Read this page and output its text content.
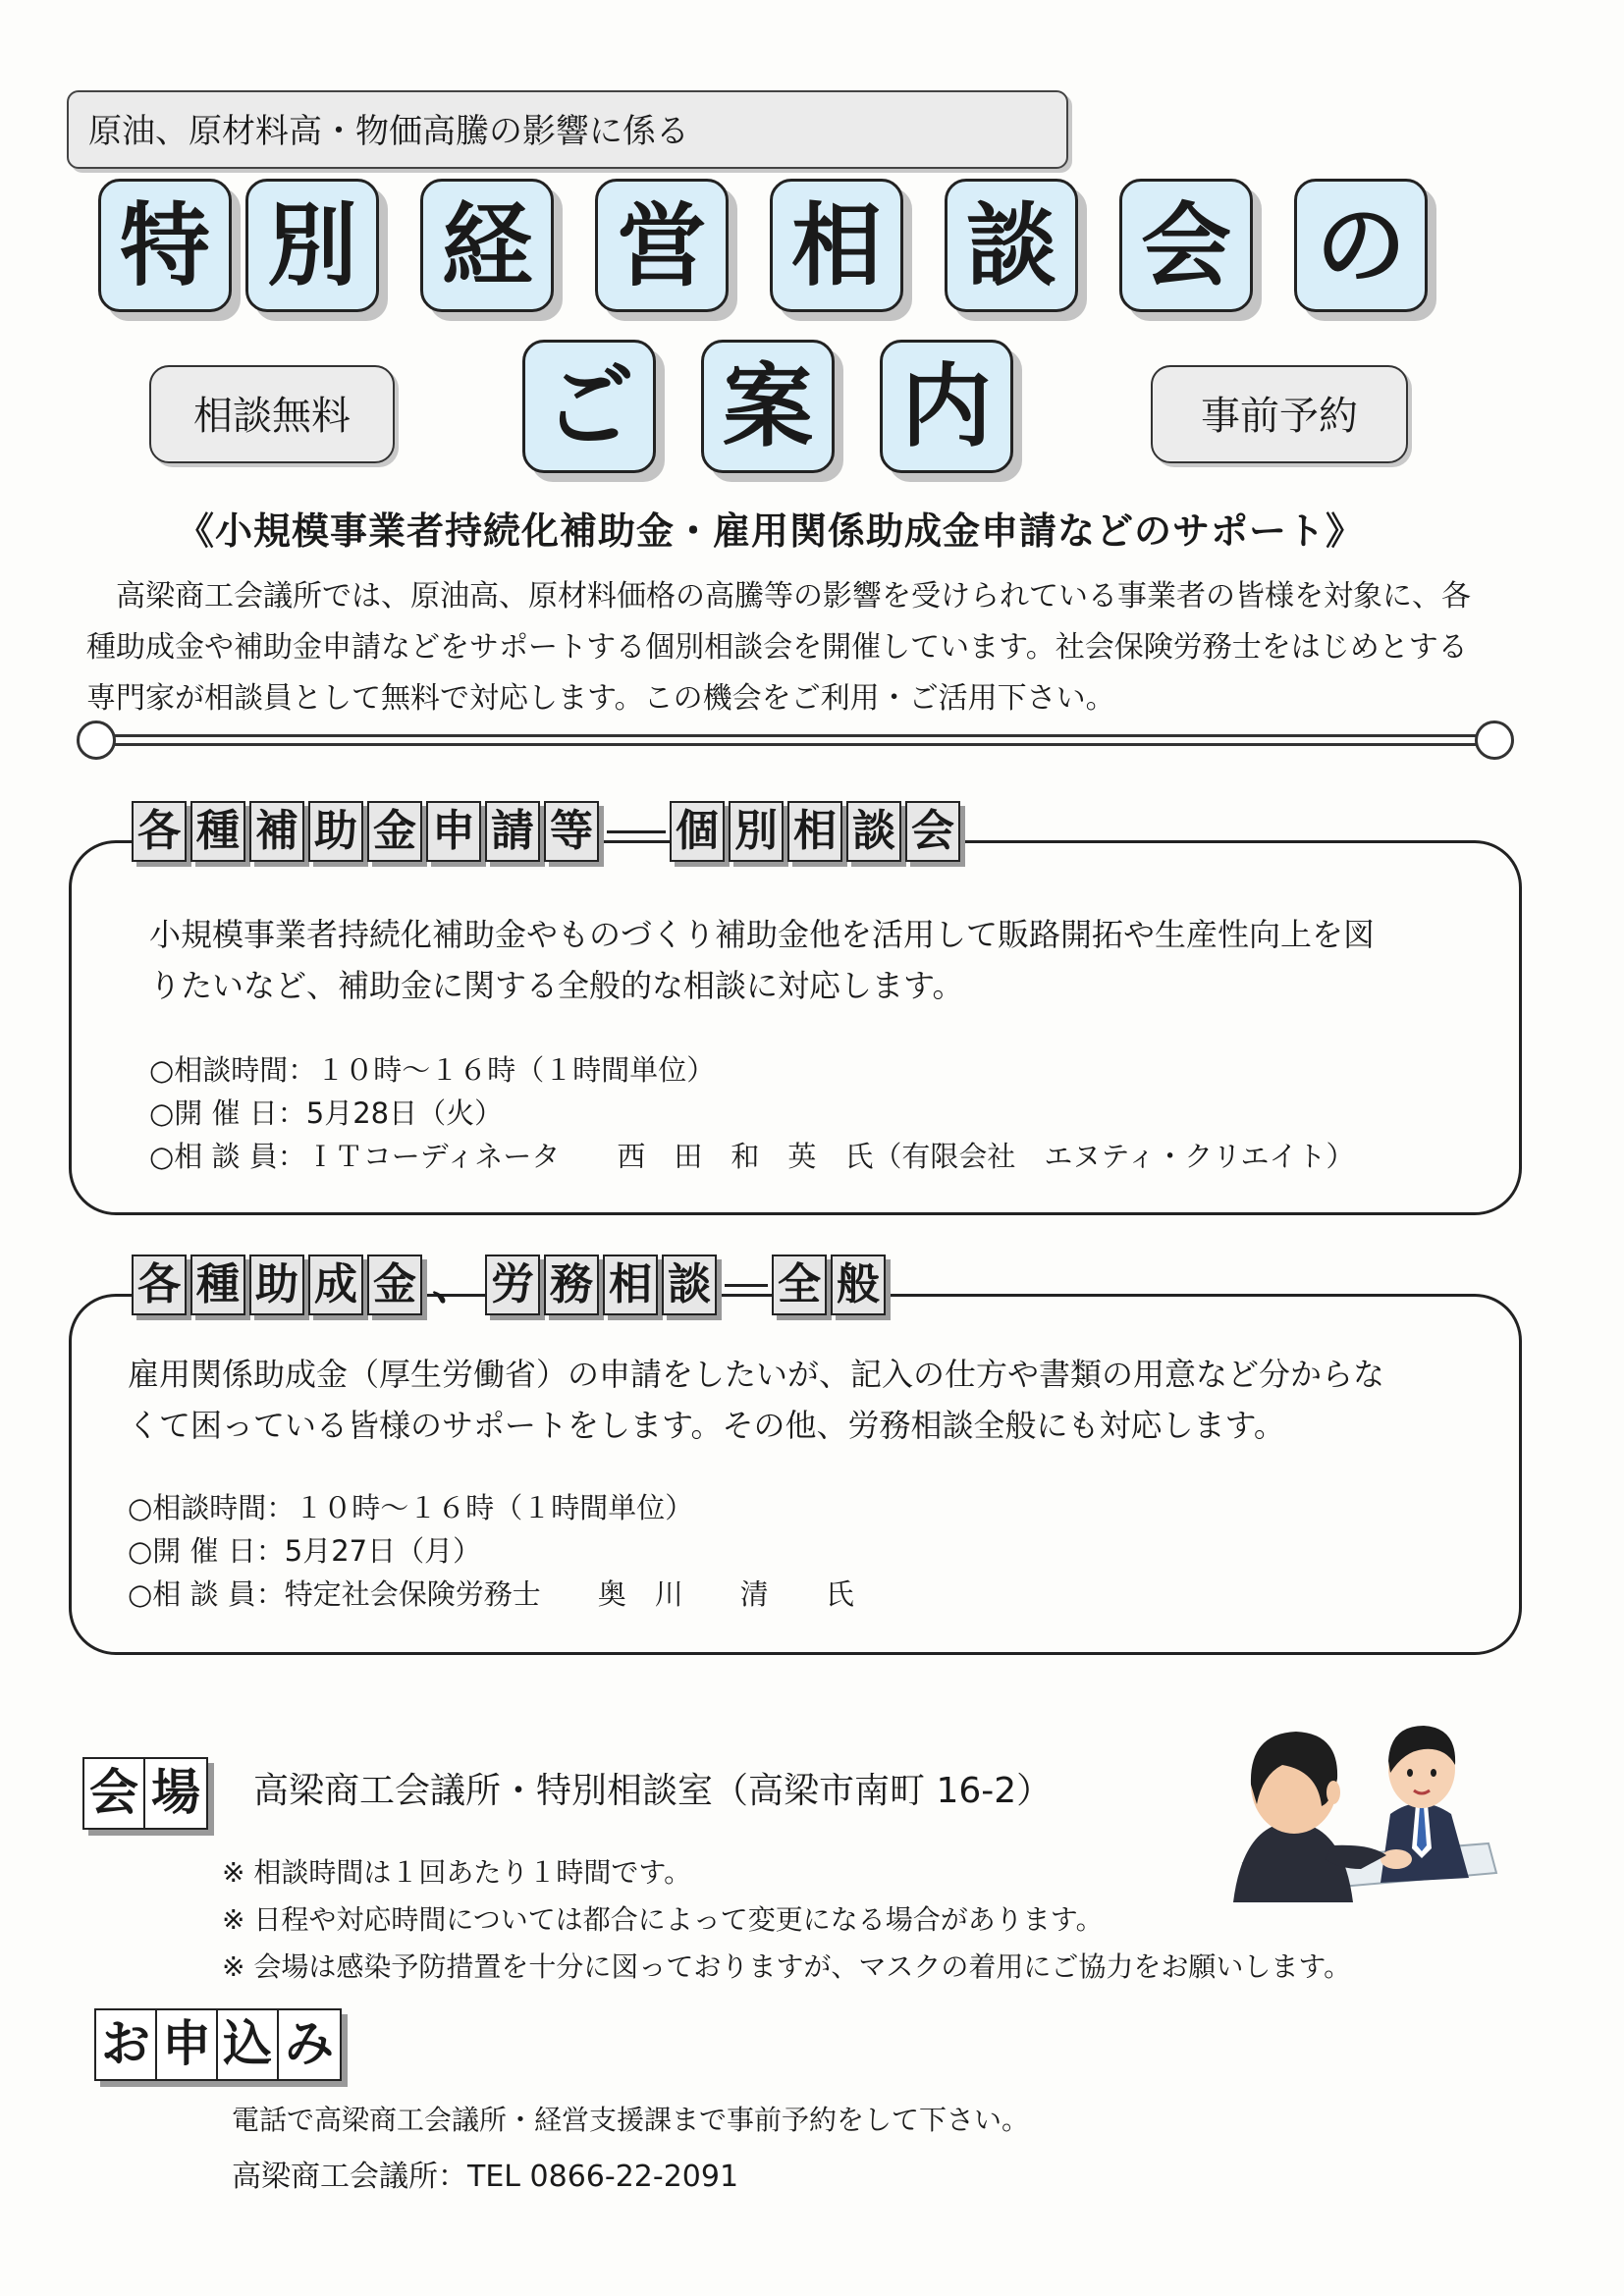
原油、原材料高・物価高騰の影響に係る
特 別 経 営 相 談 会 の
相談無料	ご 案 内	事前予約
《小規模事業者持続化補助金・雇用関係助成金申請などのサポート》

　高梁商工会議所では、原油高、原材料価格の高騰等の影響を受けられている事業者の皆様を対象に、各

種助成金や補助金申請などをサポートする個別相談会を開催しています。社会保険労務士をはじめとする

専門家が相談員として無料で対応します。この機会をご利用・ご活用下さい。

各 種 補 助 金 申 請 等 個 別 相 談 会

小規模事業者持続化補助金やものづくり補助金他を活用して販路開拓や生産性向上を図

りたいなど、補助金に関する全般的な相談に対応します。

○相談時間：１０時～１６時（１時間単位）
○開 催 日：5月28日（火）
○相 談 員：ＩＴコーディネータ　　西　田　和　英　氏（有限会社　エヌティ・クリエイト）
各 種 助 成 金 、 労 務 相 談 全 般

雇用関係助成金（厚生労働省）の申請をしたいが、記入の仕方や書類の用意など分からな

くて困っている皆様のサポートをします。その他、労務相談全般にも対応します。

○相談時間：１０時～１６時（１時間単位）
○開 催 日：5月27日（月）
○相 談 員：特定社会保険労務士　　奥　川　　清　　氏
会 場 高梁商工会議所・特別相談室（高梁市南町 16-2）
※ 相談時間は１回あたり１時間です。
※ 日程や対応時間については都合によって変更になる場合があります。
※ 会場は感染予防措置を十分に図っておりますが、マスクの着用にご協力をお願いします。
お 申 込 み
電話で高梁商工会議所・経営支援課まで事前予約をして下さい。
高梁商工会議所：TEL 0866-22-2091
